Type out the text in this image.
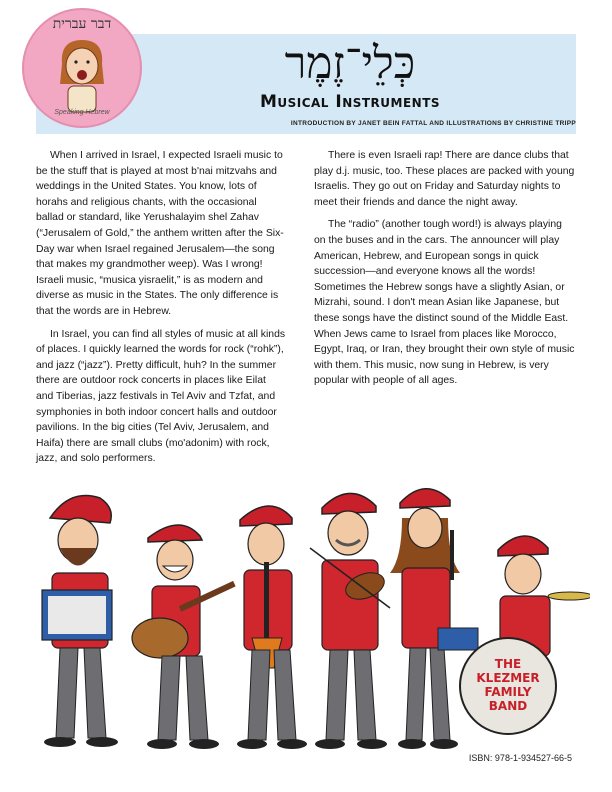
דבר עברית
Speaking Hebrew
כְּלֵי־זֶמֶר
Musical Instruments
INTRODUCTION BY JANET BEIN FATTAL AND ILLUSTRATIONS BY CHRISTINE TRIPP

When I arrived in Israel, I expected Israeli music to be the stuff that is played at most b'nai mitzvahs and weddings in the United States. You know, lots of horahs and religious chants, with the occasional ballad or standard, like Yerushalayim shel Zahav (“Jerusalem of Gold,” the anthem written after the Six-Day war when Israel regained Jerusalem—the song that makes my grandmother weep). Was I wrong! Israeli music, “musica yisraelit,” is as modern and diverse as music in the States. The only difference is that the words are in Hebrew.

In Israel, you can find all styles of music at all kinds of places. I quickly learned the words for rock (“rohk”), and jazz (“jazz”). Pretty difficult, huh? In the summer there are outdoor rock concerts in places like Eilat and Tiberias, jazz festivals in Tel Aviv and Tzfat, and symphonies in both indoor concert halls and outdoor pavilions. In the big cities (Tel Aviv, Jerusalem, and Haifa) there are small clubs (mo'adonim) with rock, jazz, and solo performers.

There is even Israeli rap! There are dance clubs that play d.j. music, too. These places are packed with young Israelis. They go out on Friday and Saturday nights to meet their friends and dance the night away.

The “radio” (another tough word!) is always playing on the buses and in the cars. The announcer will play American, Hebrew, and European songs in quick succession—and everyone knows all the words! Sometimes the Hebrew songs have a slightly Asian, or Mizrahi, sound. I don't mean Asian like Japanese, but these songs have the distinct sound of the Middle East. When Jews came to Israel from places like Morocco, Egypt, Iraq, or Iran, they brought their own style of music with them. This music, now sung in Hebrew, is very popular with people of all ages.

THE
KLEZMER
FAMILY
BAND
ISBN: 978-1-934527-66-5
